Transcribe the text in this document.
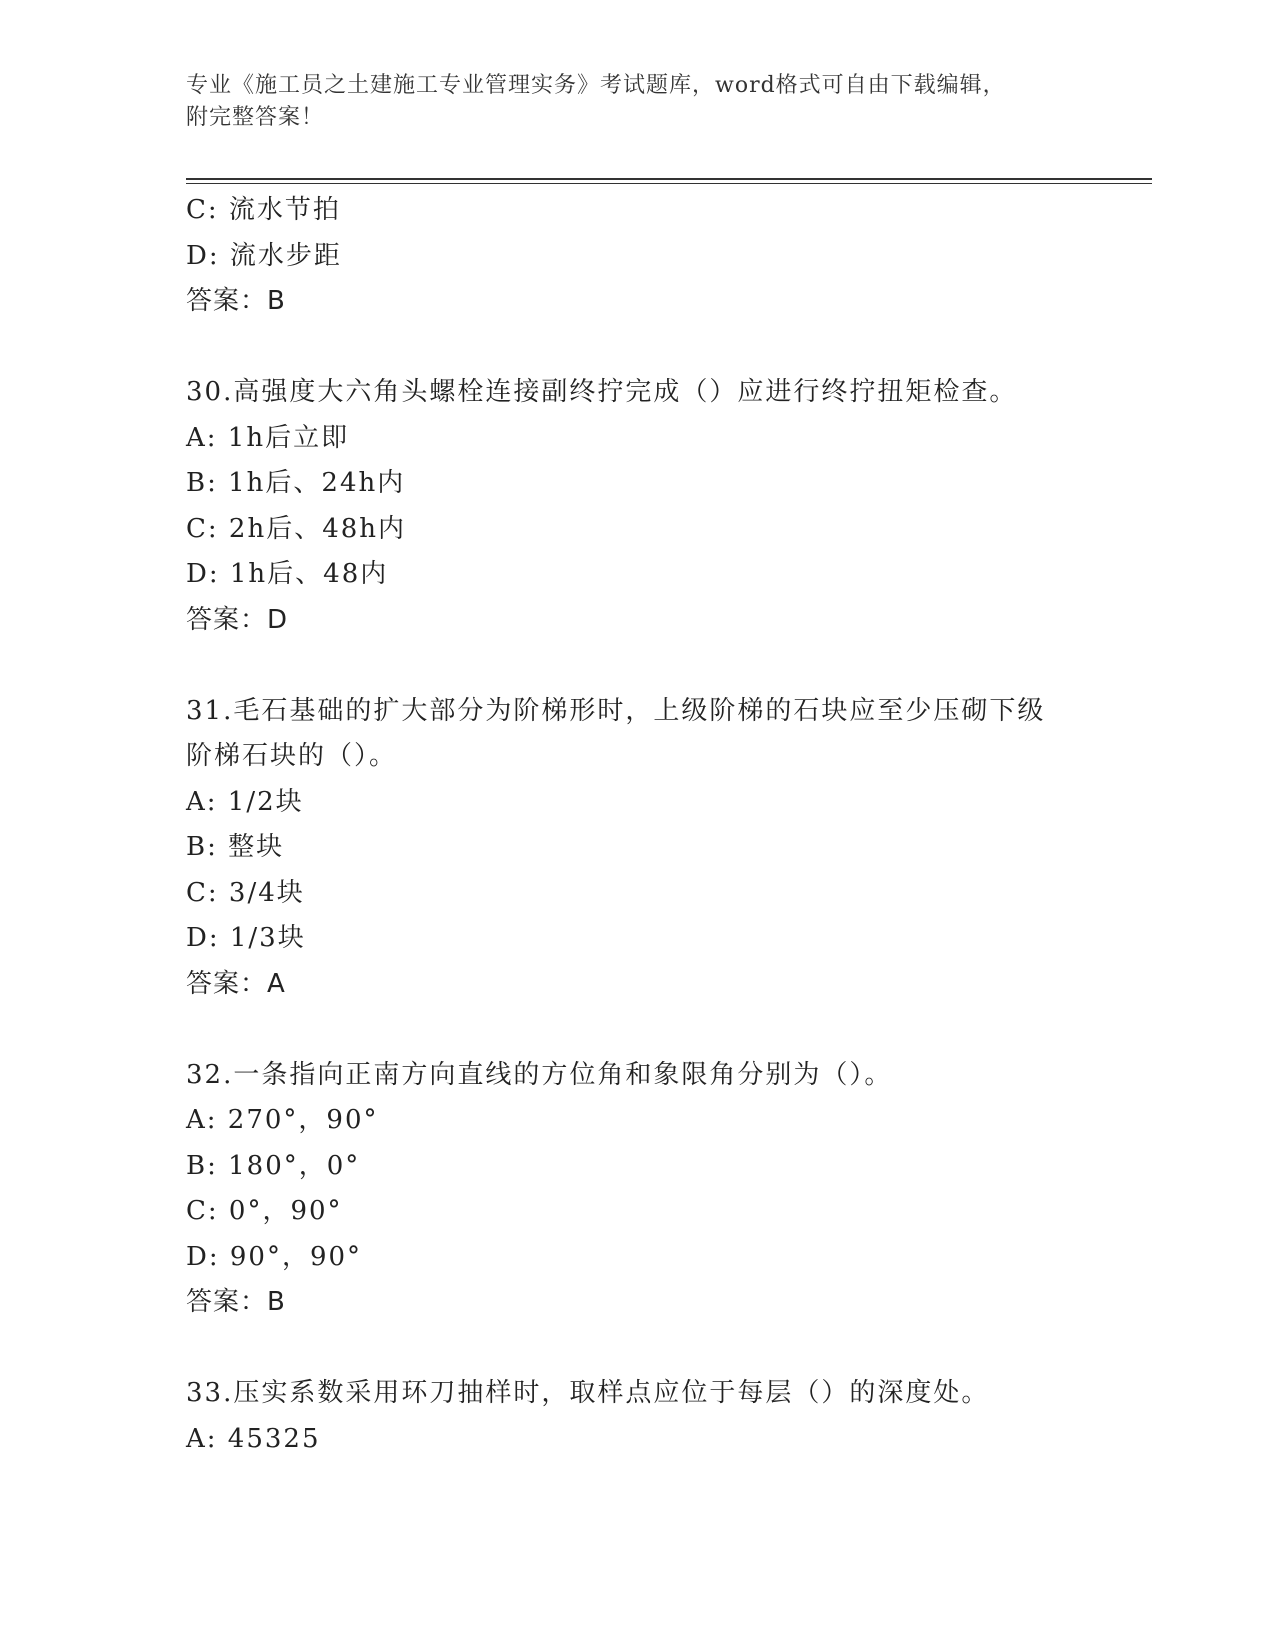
专业《施工员之土建施工专业管理实务》考试题库，word格式可自由下载编辑，
附完整答案！
C: 流水节拍
D: 流水步距
答案：B
30.高强度大六角头螺栓连接副终拧完成（）应进行终拧扭矩检查。
A: 1h后立即
B: 1h后、24h内
C: 2h后、48h内
D: 1h后、48内
答案：D
31.毛石基础的扩大部分为阶梯形时，上级阶梯的石块应至少压砌下级
阶梯石块的（）。
A: 1/2块
B: 整块
C: 3/4块
D: 1/3块
答案：A
32.一条指向正南方向直线的方位角和象限角分别为（）。
A: 270°，90°
B: 180°，0°
C: 0°，90°
D: 90°，90°
答案：B
33.压实系数采用环刀抽样时，取样点应位于每层（）的深度处。
A: 45325
